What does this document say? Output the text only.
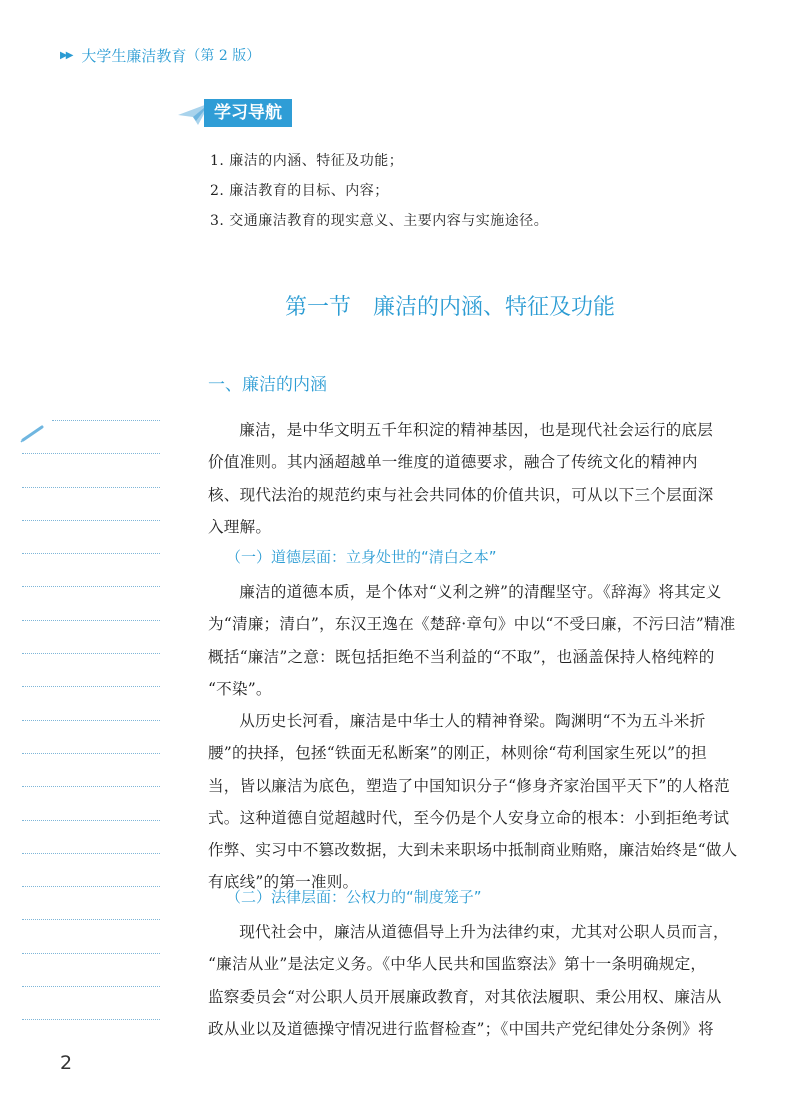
▶▶ 大学生廉洁教育 （第 2 版）
学习导航
1. 廉洁的内涵、特征及功能；
2. 廉洁教育的目标、内容；
3. 交通廉洁教育的现实意义、主要内容与实施途径。
第一节　廉洁的内涵、特征及功能
一、廉洁的内涵
廉洁，是中华文明五千年积淀的精神基因，也是现代社会运行的底层
价值准则。其内涵超越单一维度的道德要求，融合了传统文化的精神内
核、现代法治的规范约束与社会共同体的价值共识，可从以下三个层面深
入理解。
（一）道德层面：立身处世的“清白之本”
廉洁的道德本质，是个体对“义利之辨”的清醒坚守。《辞海》将其定义
为“清廉；清白”，东汉王逸在《楚辞·章句》中以“不受曰廉，不污曰洁”精准
概括“廉洁”之意：既包括拒绝不当利益的“不取”，也涵盖保持人格纯粹的
“不染”。
从历史长河看，廉洁是中华士人的精神脊梁。陶渊明“不为五斗米折
腰”的抉择，包拯“铁面无私断案”的刚正，林则徐“苟利国家生死以”的担
当，皆以廉洁为底色，塑造了中国知识分子“修身齐家治国平天下”的人格范
式。这种道德自觉超越时代，至今仍是个人安身立命的根本：小到拒绝考试
作弊、实习中不篡改数据，大到未来职场中抵制商业贿赂，廉洁始终是“做人
有底线”的第一准则。
（二）法律层面：公权力的“制度笼子”
现代社会中，廉洁从道德倡导上升为法律约束，尤其对公职人员而言，
“廉洁从业”是法定义务。《中华人民共和国监察法》第十一条明确规定，
监察委员会“对公职人员开展廉政教育，对其依法履职、秉公用权、廉洁从
政从业以及道德操守情况进行监督检查”；《中国共产党纪律处分条例》将
2
